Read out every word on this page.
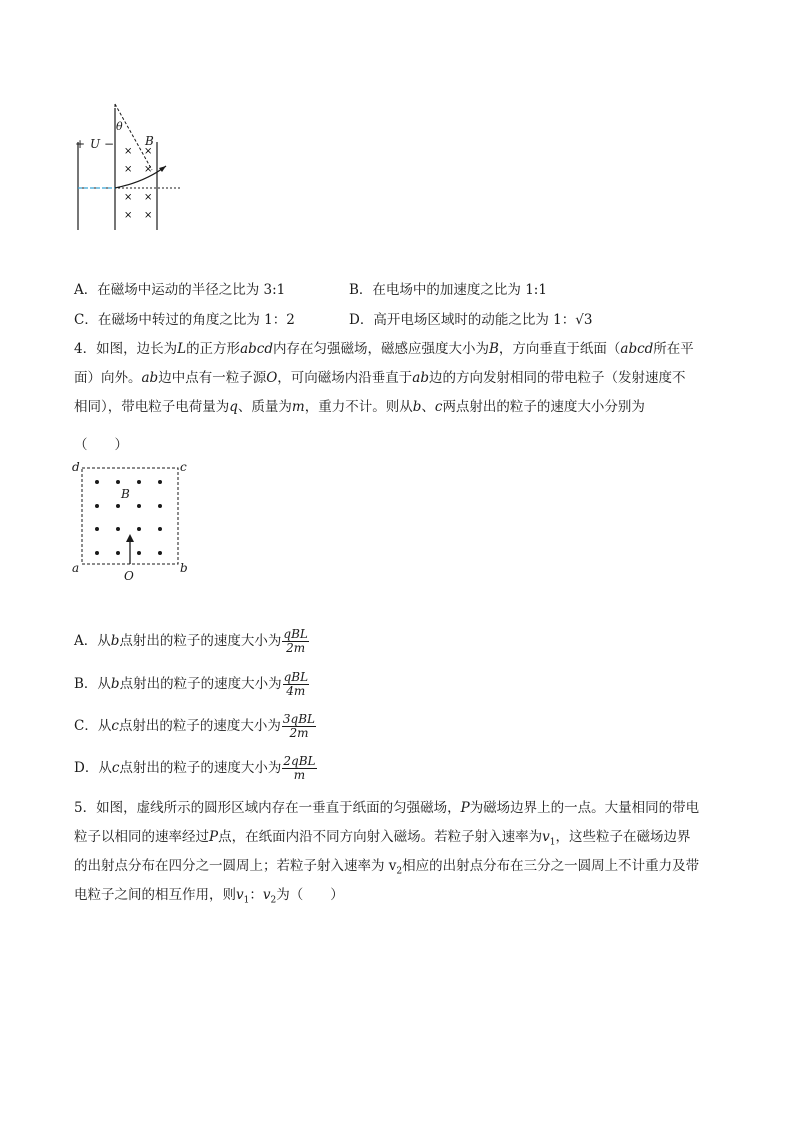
× ×
× ×
× ×
× ×
+ U −
θ
B
A．在磁场中运动的半径之比为 3:1	B．在电场中的加速度之比为 1:1
C．在磁场中转过的角度之比为 1：2	D．高开电场区域时的动能之比为 1：√3
4．如图，边长为L的正方形abcd内存在匀强磁场，磁感应强度大小为B，方向垂直于纸面（abcd所在平
面）向外。ab边中点有一粒子源O，可向磁场内沿垂直于ab边的方向发射相同的带电粒子（发射速度不
相同），带电粒子电荷量为q、质量为m，重力不计。则从b、c两点射出的粒子的速度大小分别为
（　　）
d	c
a	b
B
O
A．从b点射出的粒子的速度大小为 $\frac{\text{qBL}}{2m}$
B．从b点射出的粒子的速度大小为 $\frac{\text{qBL}}{4m}$
C．从c点射出的粒子的速度大小为 $\frac{\text{3qBL}}{2m}$
D．从c点射出的粒子的速度大小为 $\frac{\text{2qBL}}{m}$
5．如图，虚线所示的圆形区域内存在一垂直于纸面的匀强磁场，P为磁场边界上的一点。大量相同的带电
粒子以相同的速率经过P点，在纸面内沿不同方向射入磁场。若粒子射入速率为$v_1$，这些粒子在磁场边界
的出射点分布在四分之一圆周上；若粒子射入速率为 $v_2$相应的出射点分布在三分之一圆周上不计重力及带
电粒子之间的相互作用，则$v_1$：$v_2$为（　　）
